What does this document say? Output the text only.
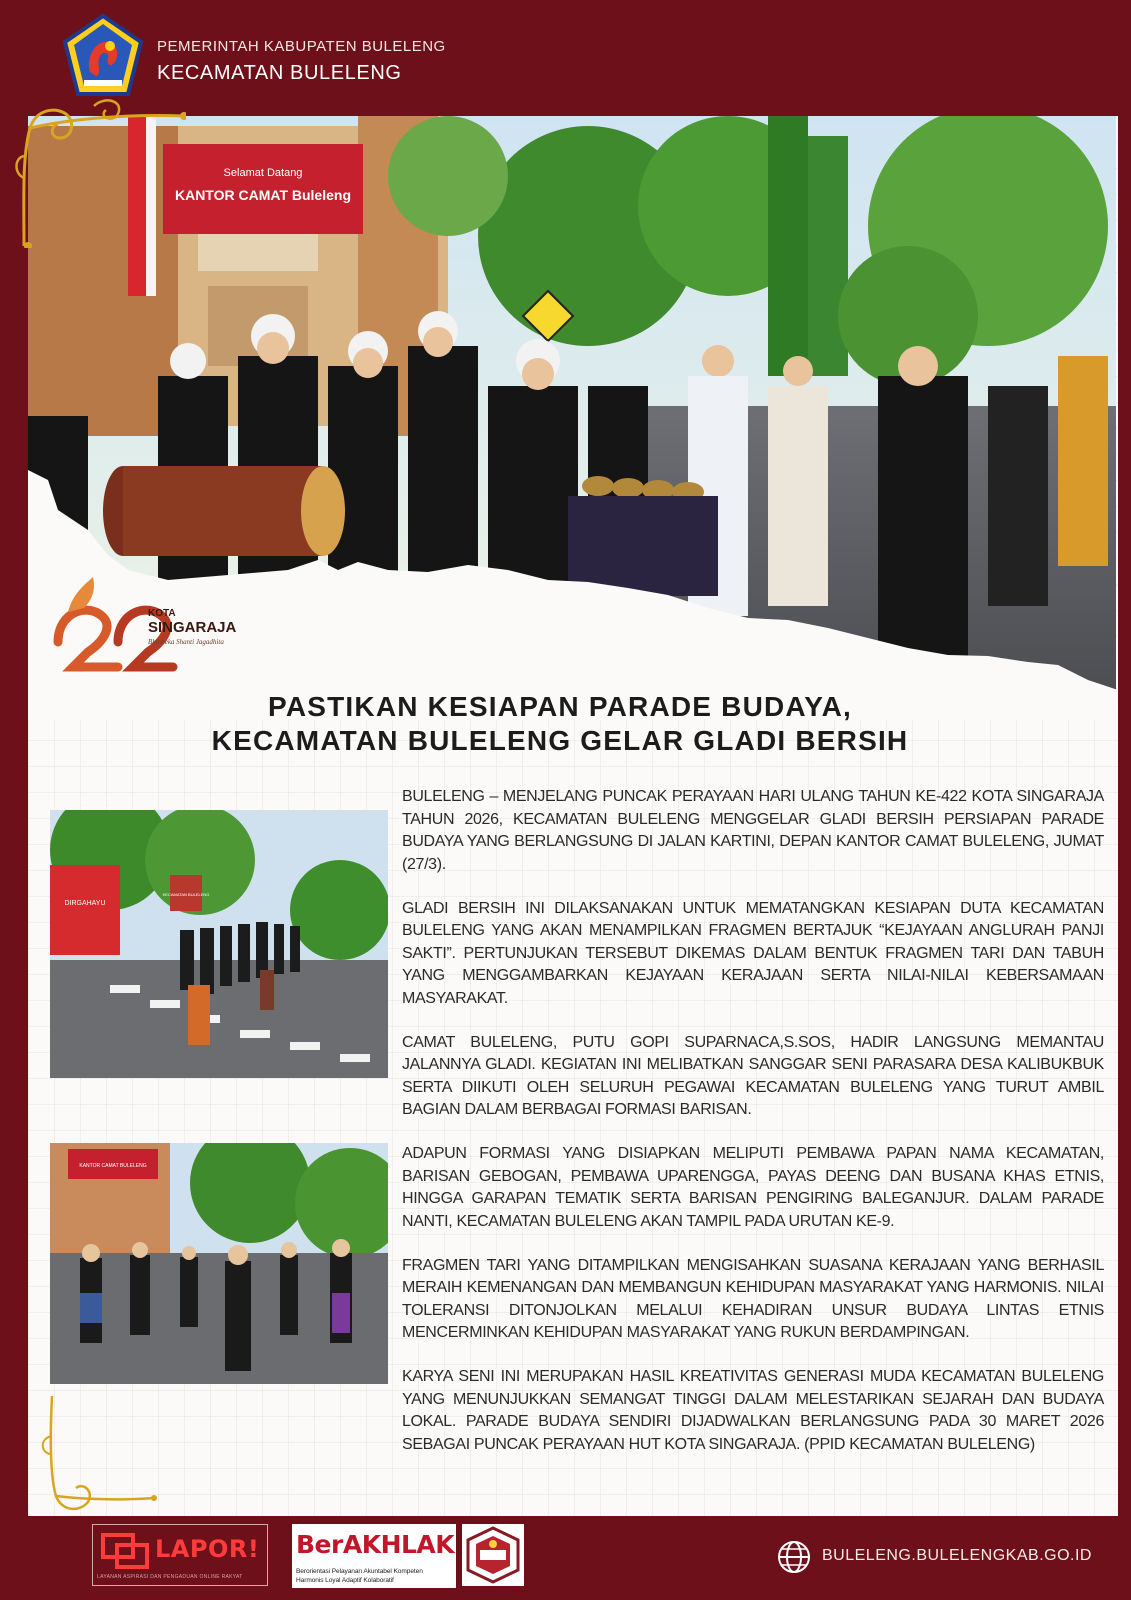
PEMERINTAH KABUPATEN BULELENG
KECAMATAN BULELENG
Selamat Datang
KANTOR CAMAT Buleleng
KOTA
SINGARAJA
Bhinneka Shanti Jagadhita
PASTIKAN KESIAPAN PARADE BUDAYA,
KECAMATAN BULELENG GELAR GLADI BERSIH
DIRGAHAYU
KECAMATAN BULELENG
KANTOR CAMAT BULELENG

BULELENG – MENJELANG PUNCAK PERAYAAN HARI ULANG TAHUN KE-422 KOTA SINGARAJA TAHUN 2026, KECAMATAN BULELENG MENGGELAR GLADI BERSIH PERSIAPAN PARADE BUDAYA YANG BERLANGSUNG DI JALAN KARTINI, DEPAN KANTOR CAMAT BULELENG, JUMAT (27/3).

GLADI BERSIH INI DILAKSANAKAN UNTUK MEMATANGKAN KESIAPAN DUTA KECAMATAN BULELENG YANG AKAN MENAMPILKAN FRAGMEN BERTAJUK “KEJAYAAN ANGLURAH PANJI SAKTI”. PERTUNJUKAN TERSEBUT DIKEMAS DALAM BENTUK FRAGMEN TARI DAN TABUH YANG MENGGAMBARKAN KEJAYAAN KERAJAAN SERTA NILAI-NILAI KEBERSAMAAN MASYARAKAT.

CAMAT BULELENG, PUTU GOPI SUPARNACA,S.SOS, HADIR LANGSUNG MEMANTAU JALANNYA GLADI. KEGIATAN INI MELIBATKAN SANGGAR SENI PARASARA DESA KALIBUKBUK SERTA DIIKUTI OLEH SELURUH PEGAWAI KECAMATAN BULELENG YANG TURUT AMBIL BAGIAN DALAM BERBAGAI FORMASI BARISAN.

ADAPUN FORMASI YANG DISIAPKAN MELIPUTI PEMBAWA PAPAN NAMA KECAMATAN, BARISAN GEBOGAN, PEMBAWA UPARENGGA, PAYAS DEENG DAN BUSANA KHAS ETNIS, HINGGA GARAPAN TEMATIK SERTA BARISAN PENGIRING BALEGANJUR. DALAM PARADE NANTI, KECAMATAN BULELENG AKAN TAMPIL PADA URUTAN KE-9.

FRAGMEN TARI YANG DITAMPILKAN MENGISAHKAN SUASANA KERAJAAN YANG BERHASIL MERAIH KEMENANGAN DAN MEMBANGUN KEHIDUPAN MASYARAKAT YANG HARMONIS. NILAI TOLERANSI DITONJOLKAN MELALUI KEHADIRAN UNSUR BUDAYA LINTAS ETNIS MENCERMINKAN KEHIDUPAN MASYARAKAT YANG RUKUN BERDAMPINGAN.

KARYA SENI INI MERUPAKAN HASIL KREATIVITAS GENERASI MUDA KECAMATAN BULELENG YANG MENUNJUKKAN SEMANGAT TINGGI DALAM MELESTARIKAN SEJARAH DAN BUDAYA LOKAL. PARADE BUDAYA SENDIRI DIJADWALKAN BERLANGSUNG PADA 30 MARET 2026 SEBAGAI PUNCAK PERAYAAN HUT KOTA SINGARAJA. (PPID KECAMATAN BULELENG)

LAPOR!
LAYANAN ASPIRASI DAN PENGADUAN ONLINE RAKYAT
BerAKHLAK
Berorientasi Pelayanan Akuntabel Kompeten
Harmonis Loyal Adaptif Kolaboratif
BULELENG.BULELENGKAB.GO.ID
